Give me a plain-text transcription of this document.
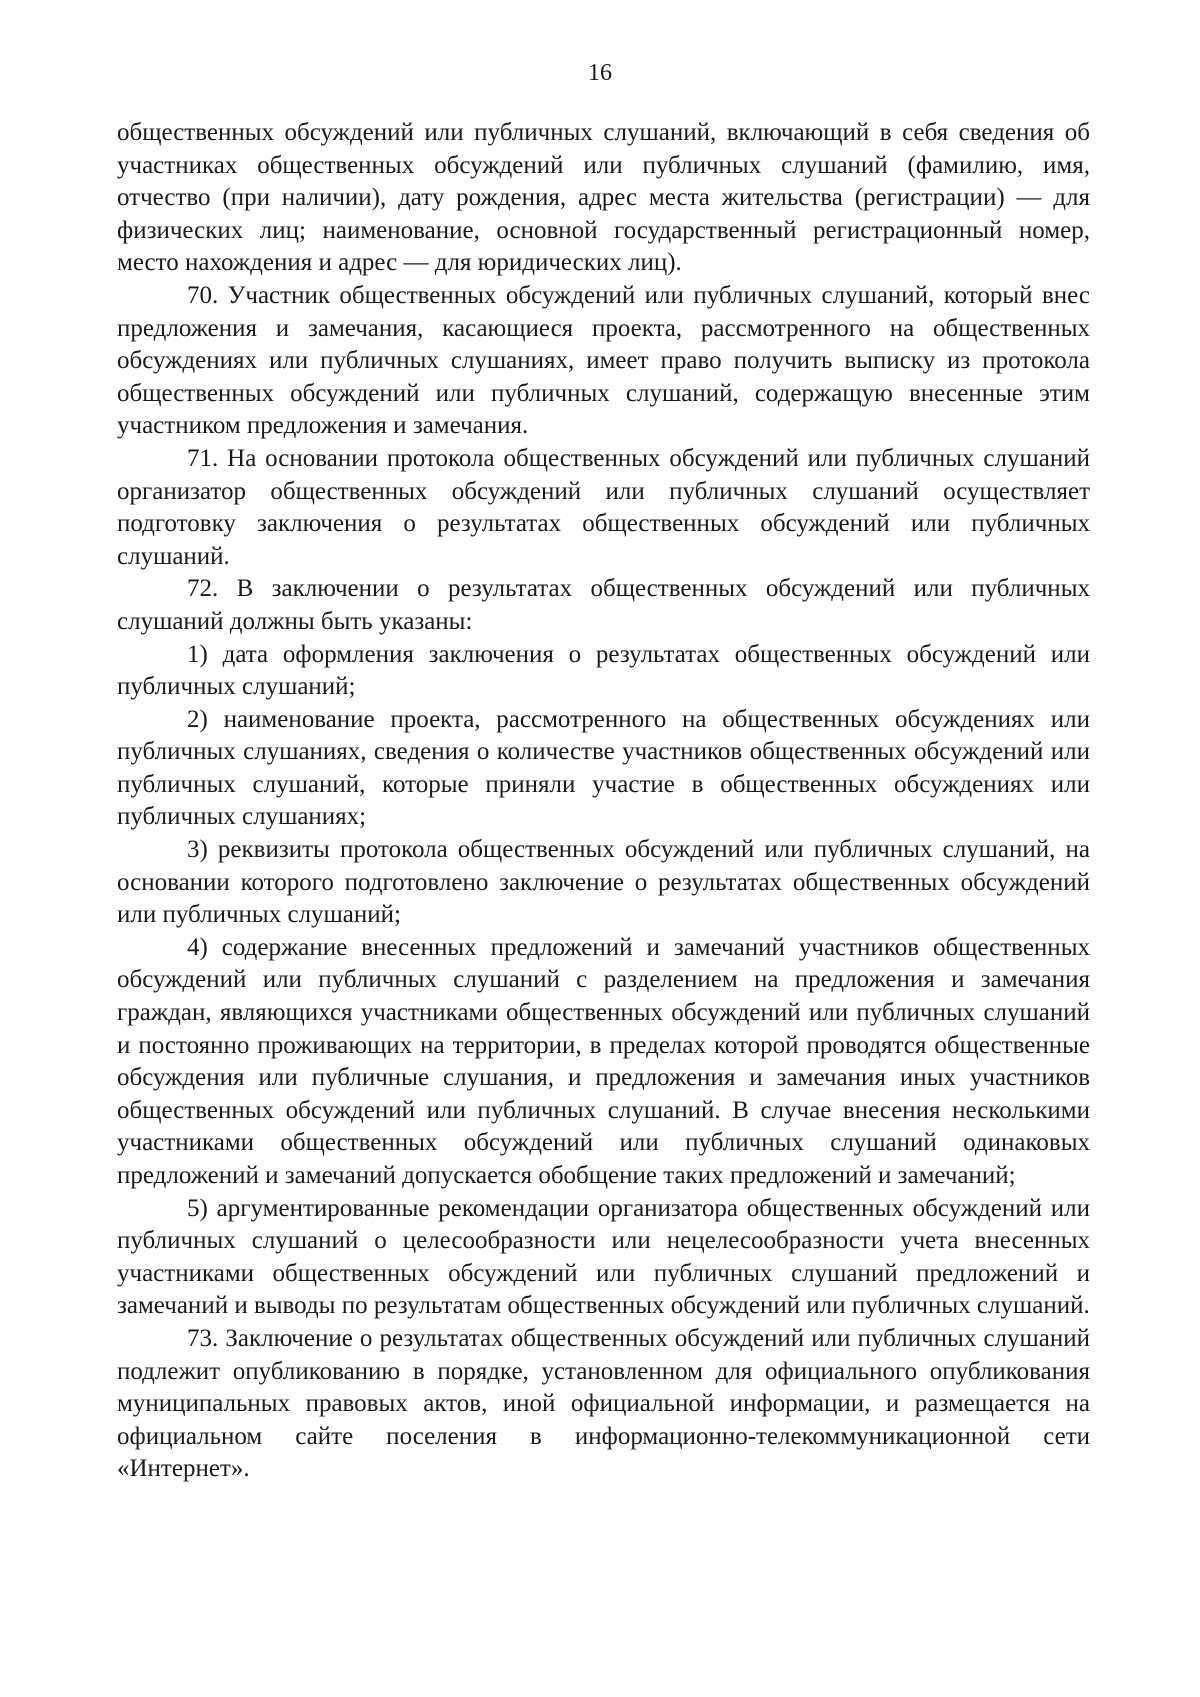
16

общественных обсуждений или публичных слушаний, включающий в себя сведения об участниках общественных обсуждений или публичных слушаний (фамилию, имя, отчество (при наличии), дату рождения, адрес места жительства (регистрации) — для физических лиц; наименование, основной государственный регистрационный номер, место нахождения и адрес — для юридических лиц).

70. Участник общественных обсуждений или публичных слушаний, который внес предложения и замечания, касающиеся проекта, рассмотренного на общественных обсуждениях или публичных слушаниях, имеет право получить выписку из протокола общественных обсуждений или публичных слушаний, содержащую внесенные этим участником предложения и замечания.

71. На основании протокола общественных обсуждений или публичных слушаний организатор общественных обсуждений или публичных слушаний осуществляет подготовку заключения о результатах общественных обсуждений или публичных слушаний.

72. В заключении о результатах общественных обсуждений или публичных слушаний должны быть указаны:

1) дата оформления заключения о результатах общественных обсуждений или публичных слушаний;

2) наименование проекта, рассмотренного на общественных обсуждениях или публичных слушаниях, сведения о количестве участников общественных обсуждений или публичных слушаний, которые приняли участие в общественных обсуждениях или публичных слушаниях;

3) реквизиты протокола общественных обсуждений или публичных слушаний, на основании которого подготовлено заключение о результатах общественных обсуждений или публичных слушаний;

4) содержание внесенных предложений и замечаний участников общественных обсуждений или публичных слушаний с разделением на предложения и замечания граждан, являющихся участниками общественных обсуждений или публичных слушаний и постоянно проживающих на территории, в пределах которой проводятся общественные обсуждения или публичные слушания, и предложения и замечания иных участников общественных обсуждений или публичных слушаний. В случае внесения несколькими участниками общественных обсуждений или публичных слушаний одинаковых предложений и замечаний допускается обобщение таких предложений и замечаний;

5) аргументированные рекомендации организатора общественных обсуждений или публичных слушаний о целесообразности или нецелесообразности учета внесенных участниками общественных обсуждений или публичных слушаний предложений и замечаний и выводы по результатам общественных обсуждений или публичных слушаний.

73. Заключение о результатах общественных обсуждений или публичных слушаний подлежит опубликованию в порядке, установленном для официального опубликования муниципальных правовых актов, иной официальной информации, и размещается на официальном сайте поселения в информационно-телекоммуникационной сети «Интернет».
